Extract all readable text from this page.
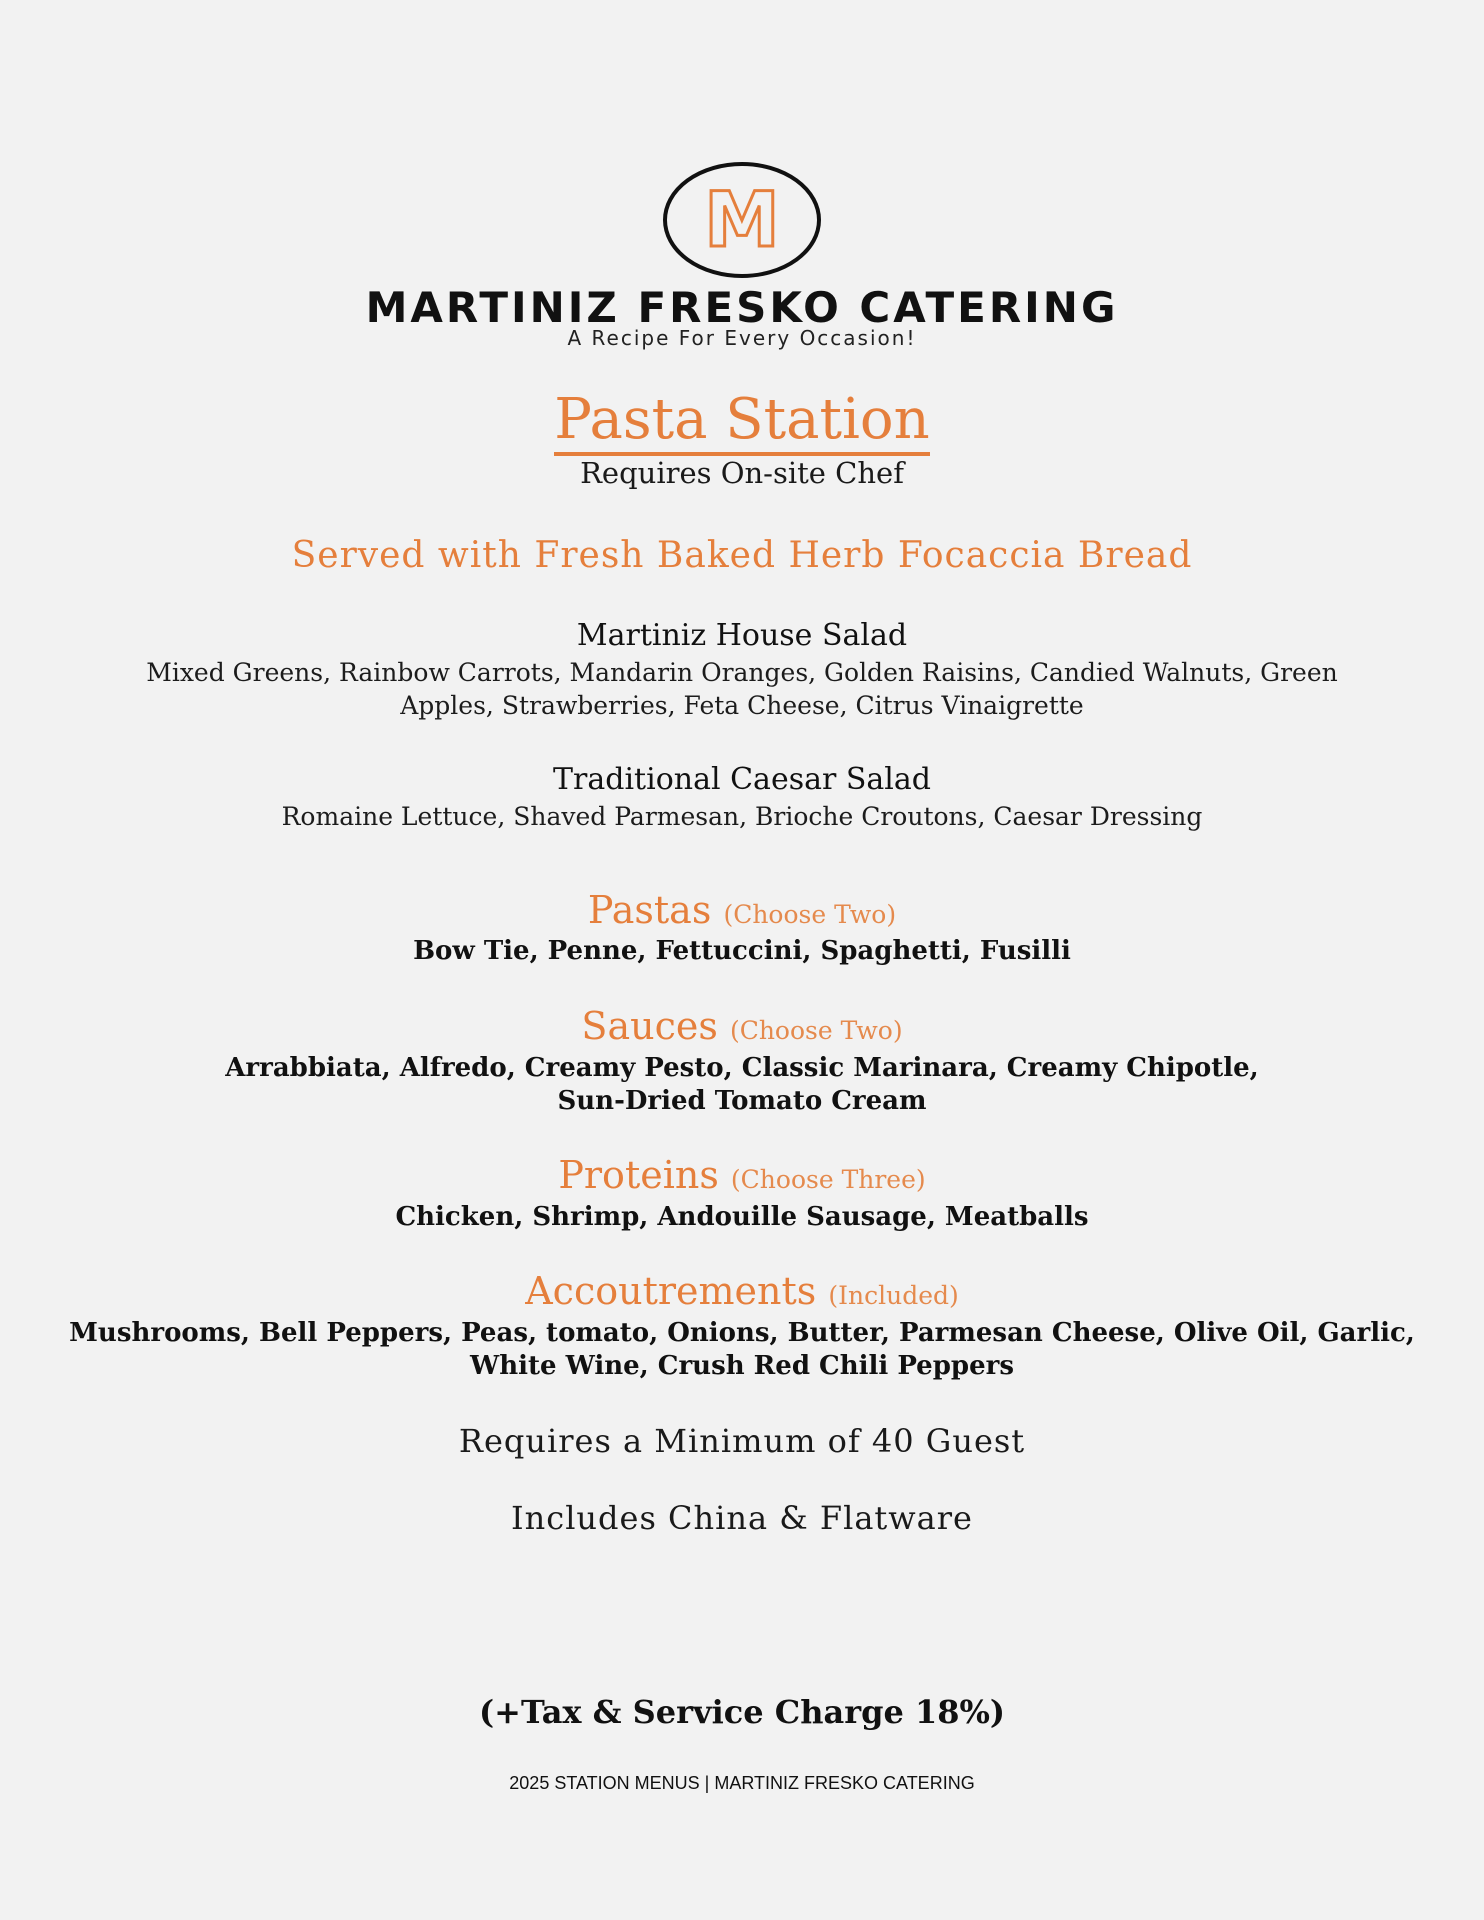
M
MARTINIZ FRESKO CATERING
A Recipe For Every Occasion!
Pasta Station
Requires On-site Chef
Served with Fresh Baked Herb Focaccia Bread
Martiniz House Salad
Mixed Greens, Rainbow Carrots, Mandarin Oranges, Golden Raisins, Candied Walnuts, Green
Apples, Strawberries, Feta Cheese, Citrus Vinaigrette
Traditional Caesar Salad
Romaine Lettuce, Shaved Parmesan, Brioche Croutons, Caesar Dressing
Pastas (Choose Two)
Bow Tie, Penne, Fettuccini, Spaghetti, Fusilli
Sauces (Choose Two)
Arrabbiata, Alfredo, Creamy Pesto, Classic Marinara, Creamy Chipotle,
Sun-Dried Tomato Cream
Proteins (Choose Three)
Chicken, Shrimp, Andouille Sausage, Meatballs
Accoutrements (Included)
Mushrooms, Bell Peppers, Peas, tomato, Onions, Butter, Parmesan Cheese, Olive Oil, Garlic,
White Wine, Crush Red Chili Peppers
Requires a Minimum of 40 Guest
Includes China & Flatware
(+Tax & Service Charge 18%)
2025 STATION MENUS | MARTINIZ FRESKO CATERING
